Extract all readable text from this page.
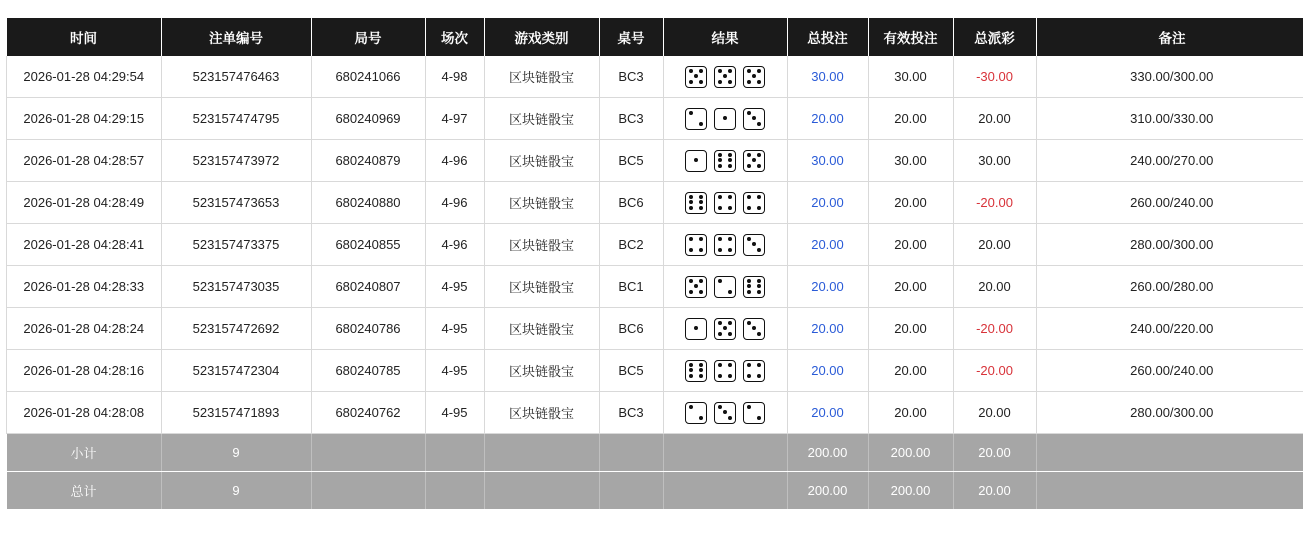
时间	注单编号	局号	场次	游戏类别	桌号	结果	总投注	有效投注	总派彩	备注
2026-01-28 04:29:54	523157476463	680241066	4-98	区块链骰宝	BC3		30.00	30.00	-30.00	330.00/300.00
2026-01-28 04:29:15	523157474795	680240969	4-97	区块链骰宝	BC3		20.00	20.00	20.00	310.00/330.00
2026-01-28 04:28:57	523157473972	680240879	4-96	区块链骰宝	BC5		30.00	30.00	30.00	240.00/270.00
2026-01-28 04:28:49	523157473653	680240880	4-96	区块链骰宝	BC6		20.00	20.00	-20.00	260.00/240.00
2026-01-28 04:28:41	523157473375	680240855	4-96	区块链骰宝	BC2		20.00	20.00	20.00	280.00/300.00
2026-01-28 04:28:33	523157473035	680240807	4-95	区块链骰宝	BC1		20.00	20.00	20.00	260.00/280.00
2026-01-28 04:28:24	523157472692	680240786	4-95	区块链骰宝	BC6		20.00	20.00	-20.00	240.00/220.00
2026-01-28 04:28:16	523157472304	680240785	4-95	区块链骰宝	BC5		20.00	20.00	-20.00	260.00/240.00
2026-01-28 04:28:08	523157471893	680240762	4-95	区块链骰宝	BC3		20.00	20.00	20.00	280.00/300.00
小计	9						200.00	200.00	20.00	
总计	9						200.00	200.00	20.00	
